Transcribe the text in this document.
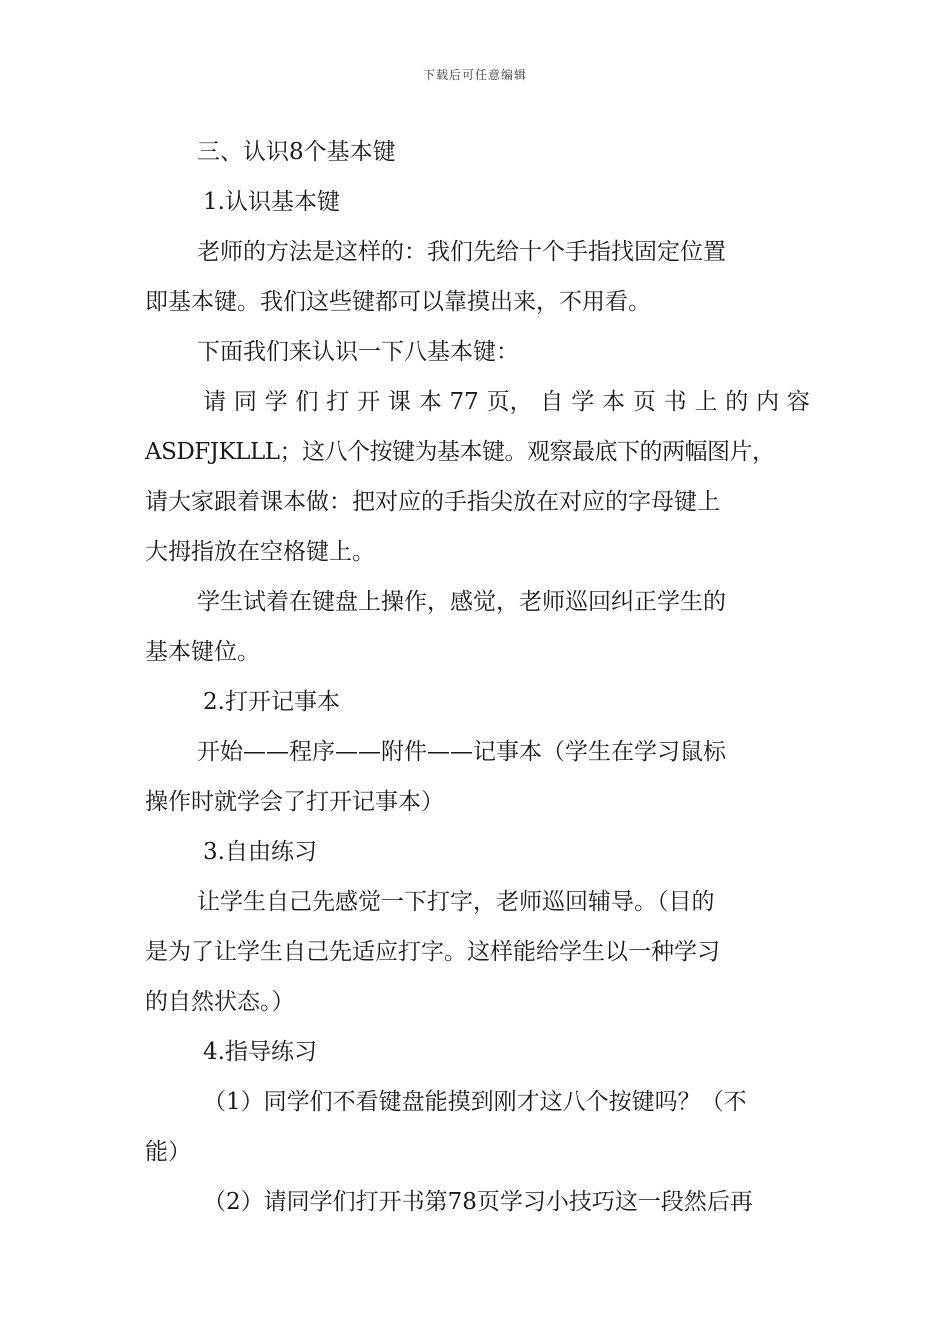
下载后可任意编辑
三、认识8个基本键
1.认识基本键
老师的方法是这样的：我们先给十个手指找固定位置
即基本键。我们这些键都可以靠摸出来，不用看。
下面我们来认识一下八基本键：
请 同 学 们 打 开 课 本 77 页， 自 学 本 页 书 上 的 内 容
ASDFJKLLL；这八个按键为基本键。观察最底下的两幅图片，
请大家跟着课本做：把对应的手指尖放在对应的字母键上
大拇指放在空格键上。
学生试着在键盘上操作，感觉，老师巡回纠正学生的
基本键位。
2.打开记事本
开始——程序——附件——记事本（学生在学习鼠标
操作时就学会了打开记事本）
3.自由练习
让学生自己先感觉一下打字，老师巡回辅导。（目的
是为了让学生自己先适应打字。这样能给学生以一种学习
的自然状态。）
4.指导练习
（1）同学们不看键盘能摸到刚才这八个按键吗？（不
能）
（2）请同学们打开书第78页学习小技巧这一段然后再
